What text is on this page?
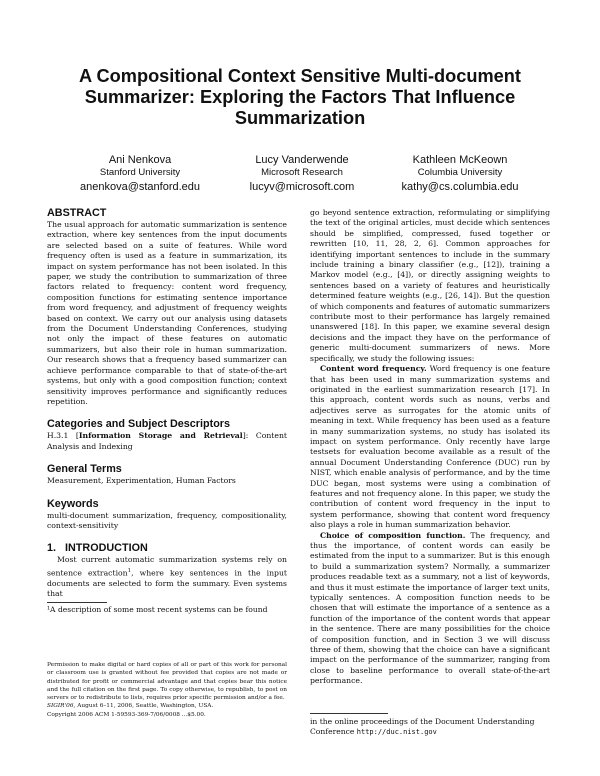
A Compositional Context Sensitive Multi-document
Summarizer: Exploring the Factors That Influence
Summarization
Ani Nenkova
Stanford University
anenkova@stanford.edu
Lucy Vanderwende
Microsoft Research
lucyv@microsoft.com
Kathleen McKeown
Columbia University
kathy@cs.columbia.edu
ABSTRACT

The usual approach for automatic summarization is sentence extraction, where key sentences from the input documents are selected based on a suite of features. While word frequency often is used as a feature in summarization, its impact on system performance has not been isolated. In this paper, we study the contribution to summarization of three factors related to frequency: content word frequency, composition functions for estimating sentence importance from word frequency, and adjustment of frequency weights based on context. We carry out our analysis using datasets from the Document Understanding Conferences, studying not only the impact of these features on automatic summarizers, but also their role in human summarization. Our research shows that a frequency based summarizer can achieve performance comparable to that of state-of-the-art systems, but only with a good composition function; context sensitivity improves performance and significantly reduces repetition.

Categories and Subject Descriptors

H.3.1 [Information Storage and Retrieval]: Content Analysis and Indexing

General Terms

Measurement, Experimentation, Human Factors

Keywords

multi-document summarization, frequency, compositionality, context-sensitivity

1.   INTRODUCTION

Most current automatic summarization systems rely on sentence extraction$^1$, where key sentences in the input documents are selected to form the summary. Even systems that

¹A description of some most recent systems can be found

Permission to make digital or hard copies of all or part of this work for personal or classroom use is granted without fee provided that copies are not made or distributed for profit or commercial advantage and that copies bear this notice and the full citation on the first page. To copy otherwise, to republish, to post on servers or to redistribute to lists, requires prior specific permission and/or a fee.

SIGIR'06, August 6–11, 2006, Seattle, Washington, USA.

Copyright 2006 ACM 1-59593-369-7/06/0008 ...$5.00.

go beyond sentence extraction, reformulating or simplifying the text of the original articles, must decide which sentences should be simplified, compressed, fused together or rewritten [10, 11, 28, 2, 6]. Common approaches for identifying important sentences to include in the summary include training a binary classifier (e.g., [12]), training a Markov model (e.g., [4]), or directly assigning weights to sentences based on a variety of features and heuristically determined feature weights (e.g., [26, 14]). But the question of which components and features of automatic summarizers contribute most to their performance has largely remained unanswered [18]. In this paper, we examine several design decisions and the impact they have on the performance of generic multi-document summarizers of news. More specifically, we study the following issues:

Content word frequency. Word frequency is one feature that has been used in many summarization systems and originated in the earliest summarization research [17]. In this approach, content words such as nouns, verbs and adjectives serve as surrogates for the atomic units of meaning in text. While frequency has been used as a feature in many summarization systems, no study has isolated its impact on system performance. Only recently have large testsets for evaluation become available as a result of the annual Document Understanding Conference (DUC) run by NIST, which enable analysis of performance, and by the time DUC began, most systems were using a combination of features and not frequency alone. In this paper, we study the contribution of content word frequency in the input to system performance, showing that content word frequency also plays a role in human summarization behavior.

Choice of composition function. The frequency, and thus the importance, of content words can easily be estimated from the input to a summarizer. But is this enough to build a summarization system? Normally, a summarizer produces readable text as a summary, not a list of keywords, and thus it must estimate the importance of larger text units, typically sentences. A composition function needs to be chosen that will estimate the importance of a sentence as a function of the importance of the content words that appear in the sentence. There are many possibilities for the choice of composition function, and in Section 3 we will discuss three of them, showing that the choice can have a significant impact on the performance of the summarizer, ranging from close to baseline performance to overall state-of-the-art performance.

in the online proceedings of the Document Understanding Conference http://duc.nist.gov
